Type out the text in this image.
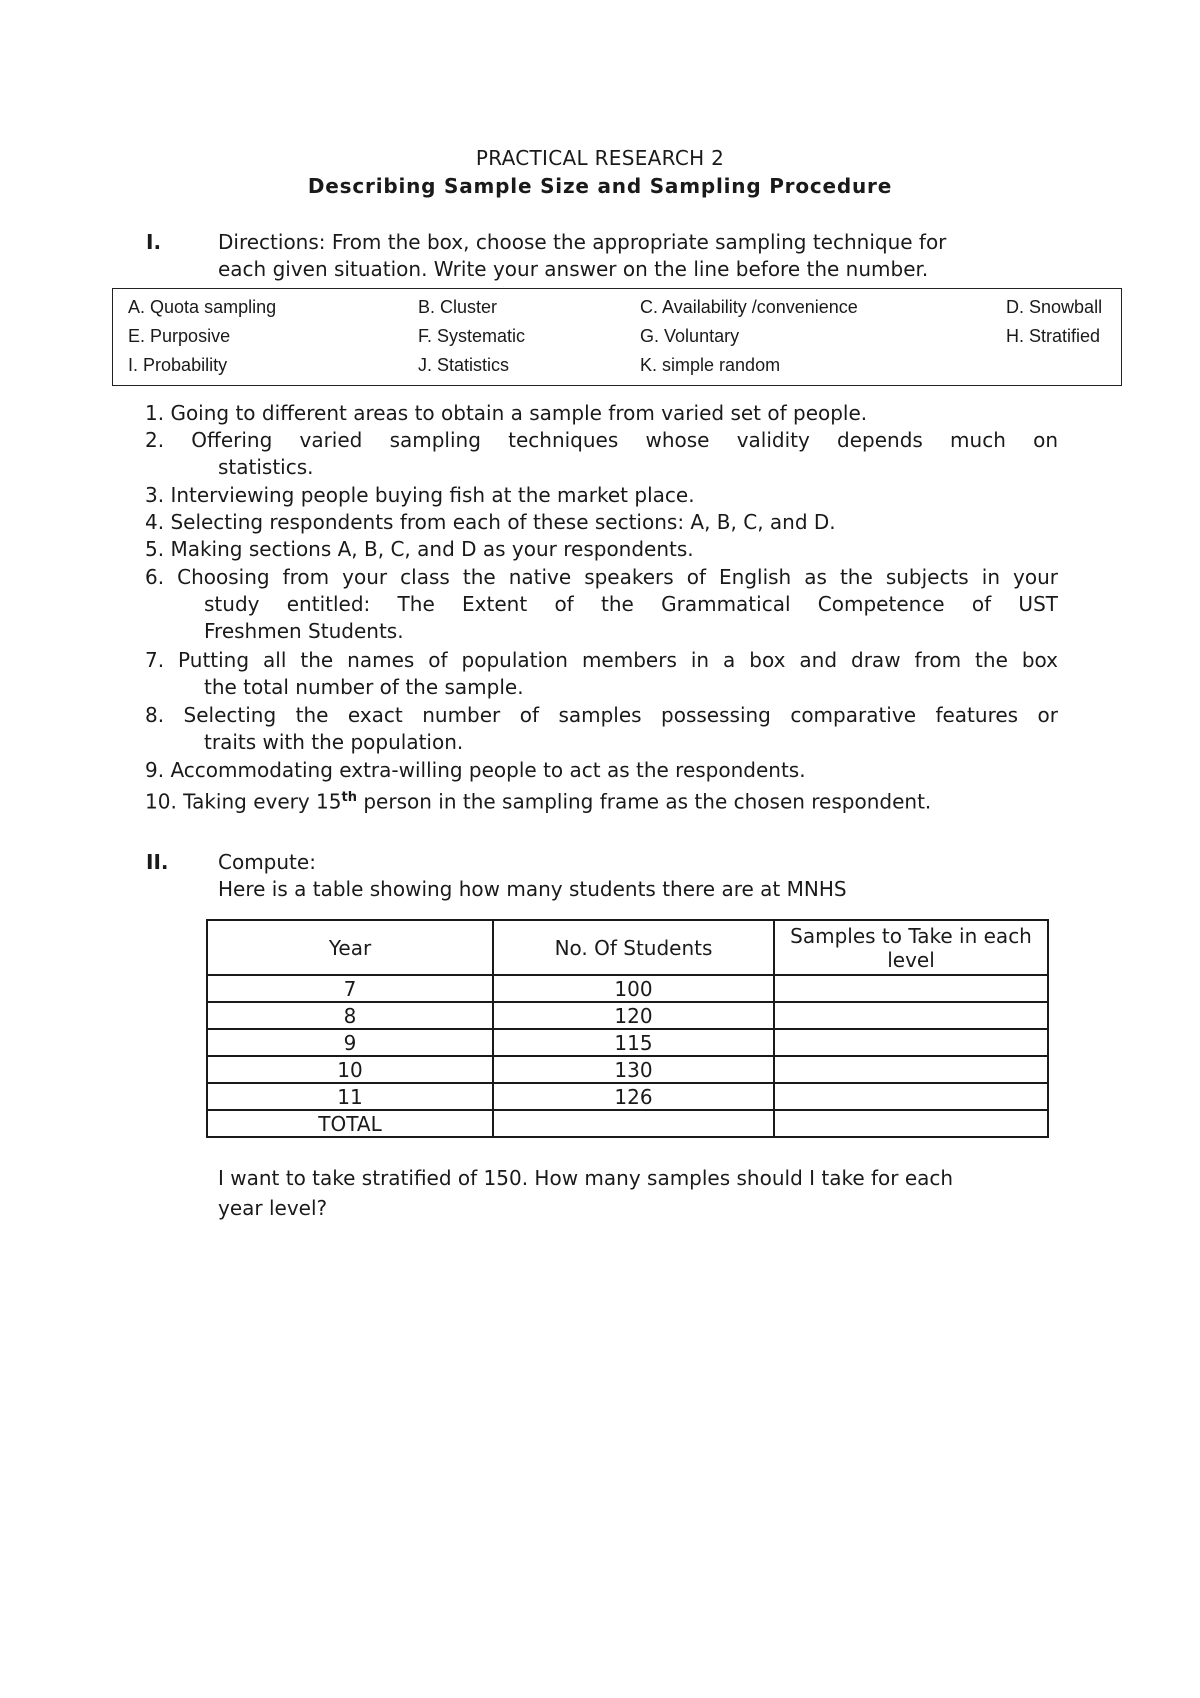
PRACTICAL RESEARCH 2
Describing Sample Size and Sampling Procedure
I.	Directions: From the box, choose the appropriate sampling technique for
each given situation. Write your answer on the line before the number.
A. Quota sampling	B. Cluster	C. Availability /convenience	D. Snowball
E. Purposive	F. Systematic	G. Voluntary	H. Stratified
I. Probability	J. Statistics	K. simple random
1. Going to different areas to obtain a sample from varied set of people.
2. Offering varied sampling techniques whose validity depends much on
statistics.
3. Interviewing people buying fish at the market place.
4. Selecting respondents from each of these sections: A, B, C, and D.
5. Making sections A, B, C, and D as your respondents.
6. Choosing from your class the native speakers of English as the subjects in your
study entitled: The Extent of the Grammatical Competence of UST
Freshmen Students.
7. Putting all the names of population members in a box and draw from the box
the total number of the sample.
8. Selecting the exact number of samples possessing comparative features or
traits with the population.
9. Accommodating extra-willing people to act as the respondents.
10. Taking every 15th person in the sampling frame as the chosen respondent.
II. Compute:
Here is a table showing how many students there are at MNHS
Year	No. Of Students	Samples to Take in each level
7	100	
8	120	
9	115	
10	130	
11	126	
TOTAL		
I want to take stratified of 150. How many samples should I take for each
year level?
